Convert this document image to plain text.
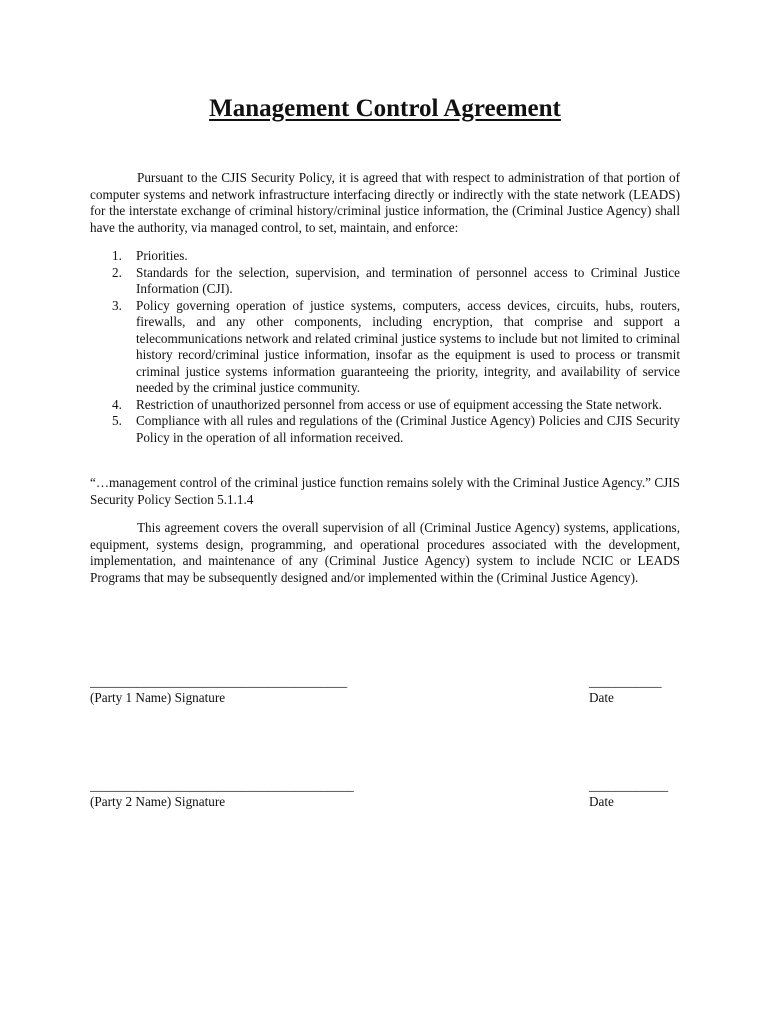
Management Control Agreement

Pursuant to the CJIS Security Policy, it is agreed that with respect to administration of that portion of computer systems and network infrastructure interfacing directly or indirectly with the state network (LEADS) for the interstate exchange of criminal history/criminal justice information, the (Criminal Justice Agency) shall have the authority, via managed control, to set, maintain, and enforce:

1. Priorities.
2. Standards for the selection, supervision, and termination of personnel access to Criminal Justice Information (CJI).
3. Policy governing operation of justice systems, computers, access devices, circuits, hubs, routers, firewalls, and any other components, including encryption, that comprise and support a telecommunications network and related criminal justice systems to include but not limited to criminal history record/criminal justice information, insofar as the equipment is used to process or transmit criminal justice systems information guaranteeing the priority, integrity, and availability of service needed by the criminal justice community.
4. Restriction of unauthorized personnel from access or use of equipment accessing the State network.
5. Compliance with all rules and regulations of the (Criminal Justice Agency) Policies and CJIS Security Policy in the operation of all information received.

“…management control of the criminal justice function remains solely with the Criminal Justice Agency.” CJIS Security Policy Section 5.1.1.4

This agreement covers the overall supervision of all (Criminal Justice Agency) systems, applications, equipment, systems design, programming, and operational procedures associated with the development, implementation, and maintenance of any (Criminal Justice Agency) system to include NCIC or LEADS Programs that may be subsequently designed and/or implemented within the (Criminal Justice Agency).

_______________________________________
(Party 1 Name) Signature
___________
Date
________________________________________
(Party 2 Name) Signature
____________
Date
